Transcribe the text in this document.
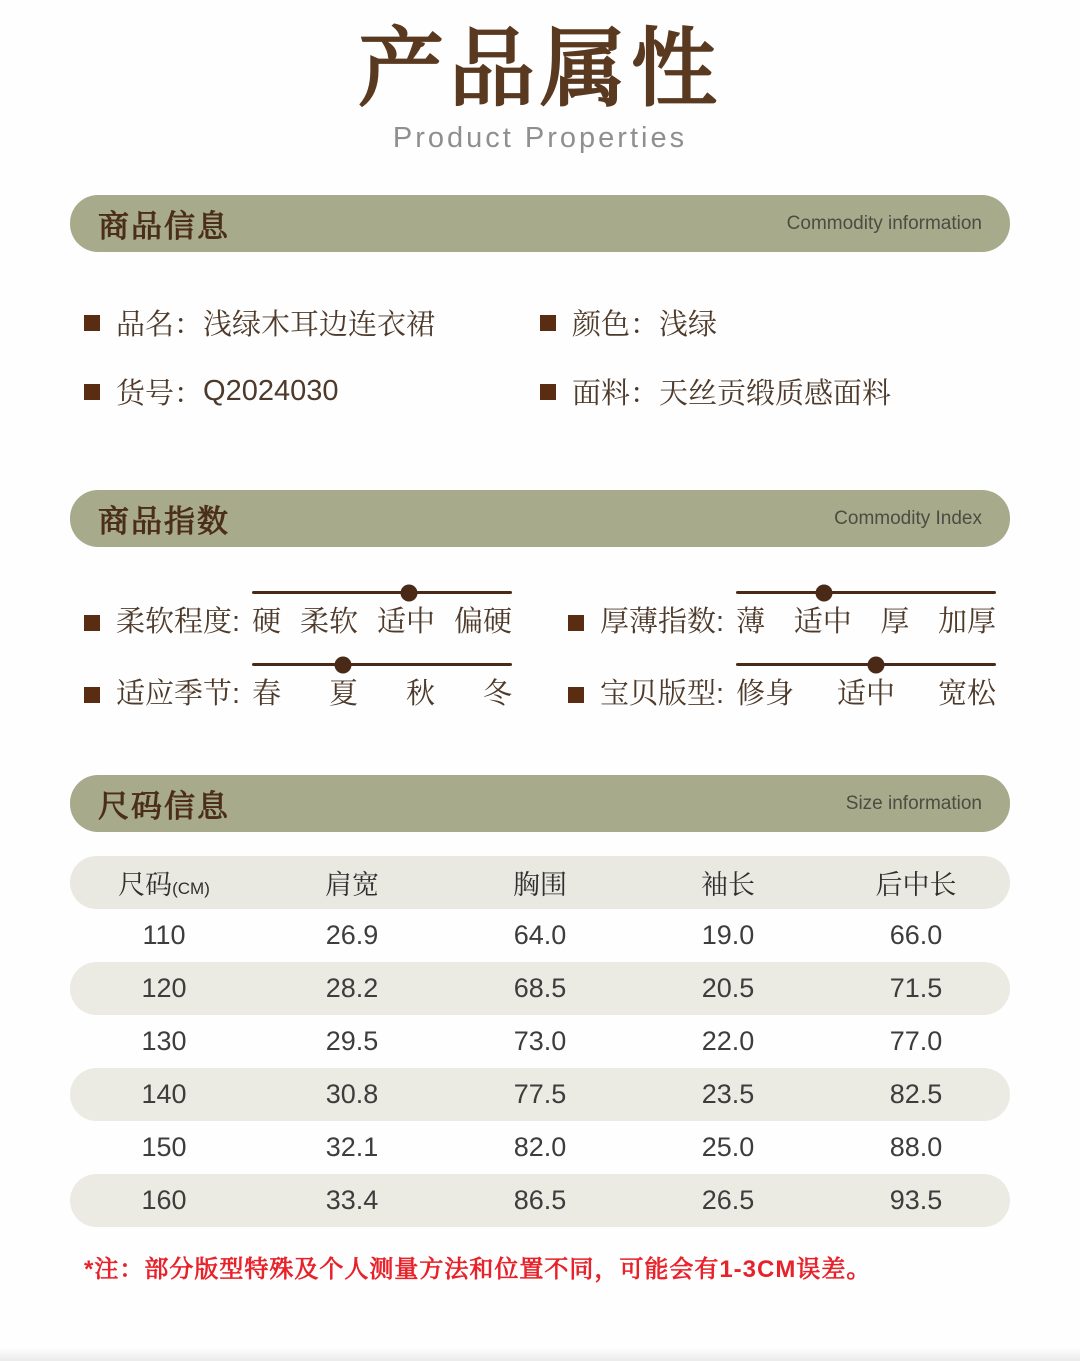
产品属性
Product Properties
商品信息	Commodity information
品名： 浅绿木耳边连衣裙	颜色： 浅绿
货号： Q2024030	面料： 天丝贡缎质感面料
商品指数	Commodity Index
柔软程度: 硬 柔软 适中 偏硬	厚薄指数: 薄 适中 厚 加厚
适应季节: 春 夏 秋 冬	宝贝版型: 修身 适中 宽松
尺码信息	Size information
尺码(CM)	肩宽	胸围	袖长	后中长
110	26.9	64.0	19.0	66.0
120	28.2	68.5	20.5	71.5
130	29.5	73.0	22.0	77.0
140	30.8	77.5	23.5	82.5
150	32.1	82.0	25.0	88.0
160	33.4	86.5	26.5	93.5
*注：部分版型特殊及个人测量方法和位置不同，可能会有1-3CM误差。
